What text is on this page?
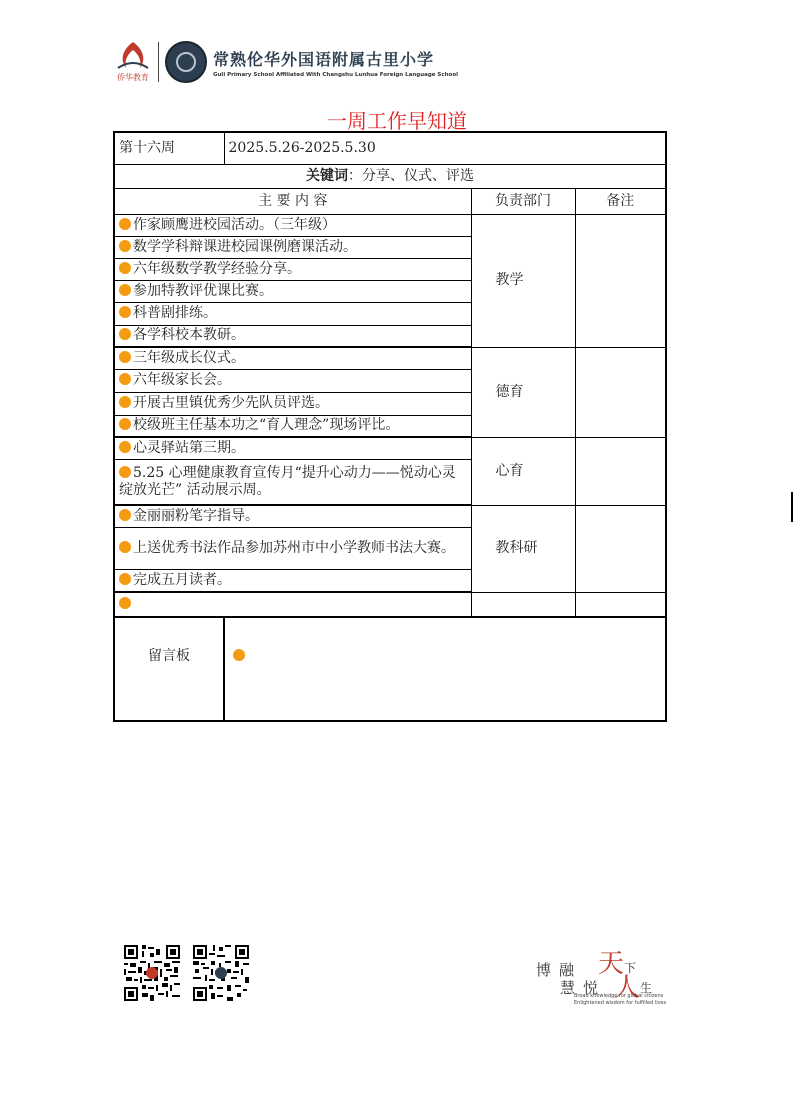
侨华教育
常熟伦华外国语附属古里小学
Guli Primary School Affiliated With Changshu Lunhua Foreign Language School
一周工作早知道
第十六周	2025.5.26-2025.5.30		
关键词：分享、仪式、评选			
主 要 内 容		负责部门	备注
作家顾鹰进校园活动。（三年级）		教学	
数学学科辩课进校园课例磨课活动。			
六年级数学教学经验分享。			
参加特教评优课比赛。			
科普剧排练。			
各学科校本教研。			
三年级成长仪式。		德育	
六年级家长会。			
开展古里镇优秀少先队员评选。			
校级班主任基本功之“育人理念”现场评比。			
心灵驿站第三期。		心育	
5.25 心理健康教育宣传月“提升心动力——悦动心灵 绽放光芒” 活动展示周。			
金丽丽粉笔字指导。		教科研	
上送优秀书法作品参加苏州市中小学教师书法大赛。			
完成五月读者。			

留言板			
博融 天 下
慧悦 人 生
Broad knowledge for global citizens
Enlightened wisdom for fulfilled lives
